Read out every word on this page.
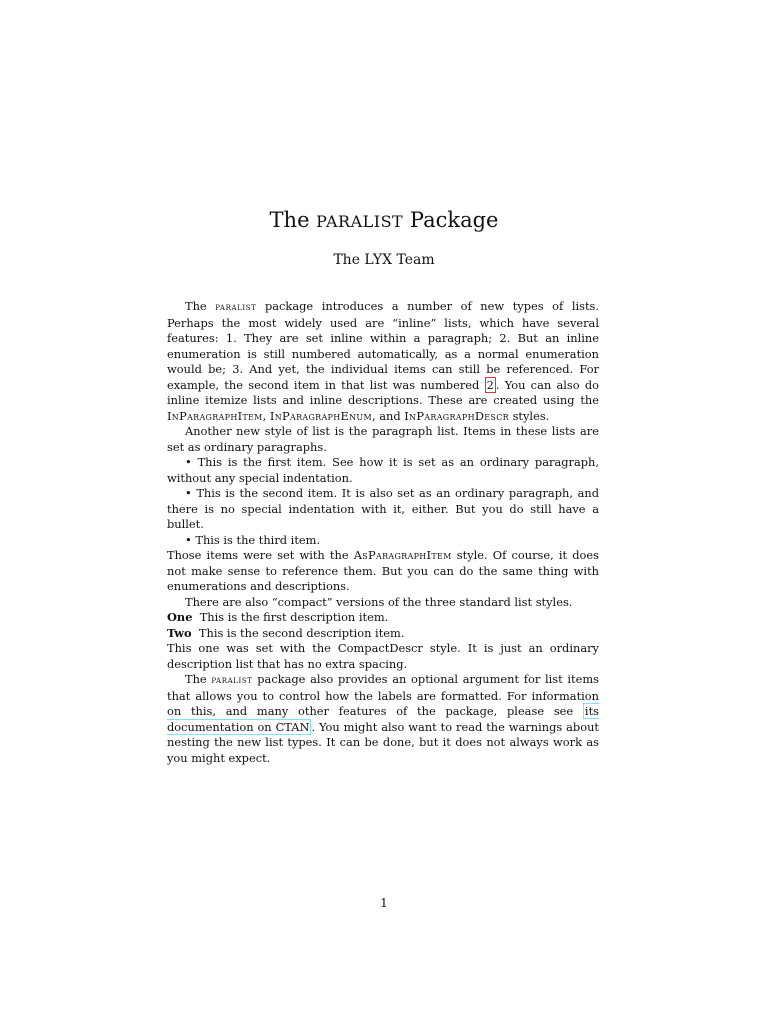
The PARALIST Package
The LYX Team

The paralist package introduces a number of new types of lists. Perhaps the most widely used are “inline” lists, which have several features: 1. They are set inline within a paragraph; 2. But an inline enumeration is still numbered automatically, as a normal enumeration would be; 3. And yet, the individual items can still be referenced. For example, the second item in that list was numbered 2 . You can also do inline itemize lists and inline descriptions. These are created using the InParagraphItem, InParagraphEnum, and InParagraphDescr styles.

Another new style of list is the paragraph list. Items in these lists are set as ordinary paragraphs.

• This is the first item. See how it is set as an ordinary paragraph, without any special indentation.

• This is the second item. It is also set as an ordinary paragraph, and there is no special indentation with it, either. But you do still have a bullet.

• This is the third item.

Those items were set with the AsParagraphItem style. Of course, it does not make sense to reference them. But you can do the same thing with enumerations and descriptions.

There are also “compact” versions of the three standard list styles.

One This is the first description item.

Two This is the second description item.

This one was set with the CompactDescr style. It is just an ordinary description list that has no extra spacing.

The paralist package also provides an optional argument for list items that allows you to control how the labels are formatted. For information on this, and many other features of the package, please see its documentation on CTAN . You might also want to read the warnings about nesting the new list types. It can be done, but it does not always work as you might expect.

1
